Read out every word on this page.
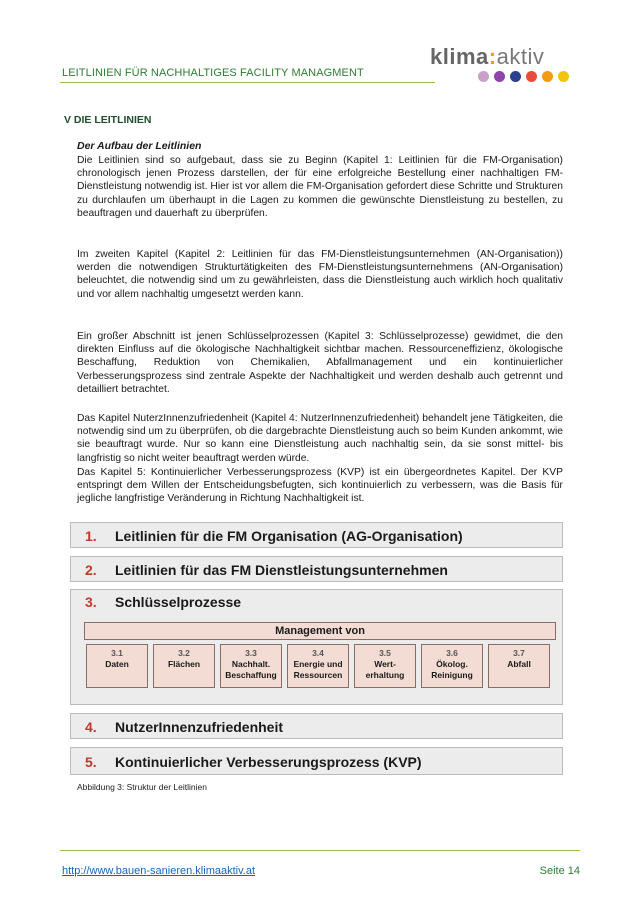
LEITLINIEN FÜR NACHHALTIGES FACILITY MANAGMENT
klima:aktiv
V DIE LEITLINIEN
Der Aufbau der Leitlinien
Die Leitlinien sind so aufgebaut, dass sie zu Beginn (Kapitel 1: Leitlinien für die FM-Organisation) chronologisch jenen Prozess darstellen, der für eine erfolgreiche Bestellung einer nachhaltigen FM-Dienstleistung notwendig ist. Hier ist vor allem die FM-Organisation gefordert diese Schritte und Strukturen zu durchlaufen um überhaupt in die Lagen zu kommen die gewünschte Dienstleistung zu bestellen, zu beauftragen und dauerhaft zu überprüfen.
Im zweiten Kapitel (Kapitel 2: Leitlinien für das FM-Dienstleistungsunternehmen (AN-Organisation)) werden die notwendigen Strukturtätigkeiten des FM-Dienstleistungsunternehmens (AN-Organisation) beleuchtet, die notwendig sind um zu gewährleisten, dass die Dienstleistung auch wirklich hoch qualitativ und vor allem nachhaltig umgesetzt werden kann.
Ein großer Abschnitt ist jenen Schlüsselprozessen (Kapitel 3: Schlüsselprozesse) gewidmet, die den direkten Einfluss auf die ökologische Nachhaltigkeit sichtbar machen. Ressourceneffizienz, ökologische Beschaffung, Reduktion von Chemikalien, Abfallmanagement und ein kontinuierlicher Verbesserungsprozess sind zentrale Aspekte der Nachhaltigkeit und werden deshalb auch getrennt und detailliert betrachtet.
Das Kapitel NuterzInnenzufriedenheit (Kapitel 4: NutzerInnenzufriedenheit) behandelt jene Tätigkeiten, die notwendig sind um zu überprüfen, ob die dargebrachte Dienstleistung auch so beim Kunden ankommt, wie sie beauftragt wurde. Nur so kann eine Dienstleistung auch nachhaltig sein, da sie sonst mittel- bis langfristig so nicht weiter beauftragt werden würde.
Das Kapitel 5: Kontinuierlicher Verbesserungsprozess (KVP) ist ein übergeordnetes Kapitel. Der KVP entspringt dem Willen der Entscheidungsbefugten, sich kontinuierlich zu verbessern, was die Basis für jegliche langfristige Veränderung in Richtung Nachhaltigkeit ist.
1. Leitlinien für die FM Organisation (AG-Organisation)
2. Leitlinien für das FM Dienstleistungsunternehmen
3. Schlüsselprozesse
Management von
3.1
Daten
3.2
Flächen
3.3
Nachhalt. Beschaffung
3.4
Energie und Ressourcen
3.5
Wert-erhaltung
3.6
Ökolog. Reinigung
3.7
Abfall
4. NutzerInnenzufriedenheit
5. Kontinuierlicher Verbesserungsprozess (KVP)
Abbildung 3: Struktur der Leitlinien
http://www.bauen-sanieren.klimaaktiv.at	Seite 14
